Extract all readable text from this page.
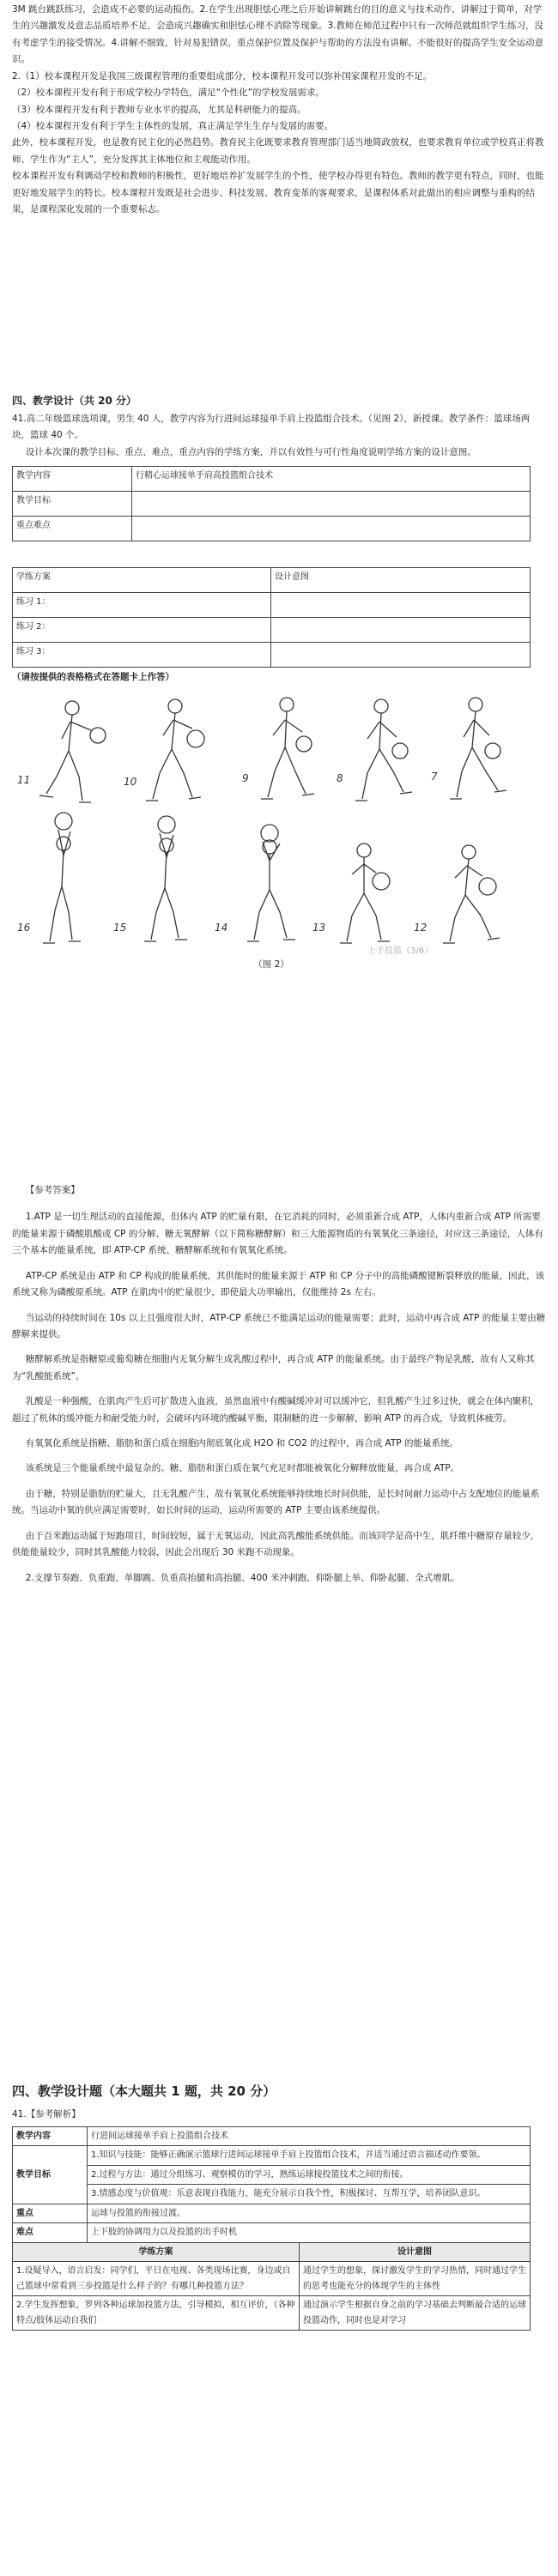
3M 跳台跳跃练习，会造成不必要的运动损伤。2.在学生出现胆怯心理之后开始讲解跳台的目的意义与技术动作，讲解过于简单，对学生的兴趣激发及意志品质培养不足，会造成兴趣确实和胆怯心理不消除等现象。3.教师在师范过程中只有一次师范就组织学生练习，没有考虑学生的接受情况。4.讲解不细致，针对易犯错误，重点保护位置及保护与帮助的方法没有讲解。不能很好的提高学生安全运动意识。

2.（1）校本课程开发是我国三级课程管理的重要组成部分，校本课程开发可以弥补国家课程开发的不足。

（2）校本课程开发有利于形成学校办学特色，满足“个性化”的学校发展需求。

（3）校本课程开发有利于教师专业水平的提高，尤其是科研能力的提高。

（4）校本课程开发有利于学生主体性的发展，真正满足学生生存与发展的需要。

此外，校本课程开发，也是教育民主化的必然趋势。教育民主化既要求教育管理部门适当地简政放权，也要求教育单位或学校真正将教师、学生作为“主人”，充分发挥其主体地位和主观能动作用。

校本课程开发有利调动学校和教师的积极性，更好地培养扩发展学生的个性，使学校办得更有特色。教师的教学更有特点，同时，也能更好地发展学生的特长。校本课程开发既是社会进步、科技发展、教育变革的客观要求，是课程体系对此做出的相应调整与重构的结果，是课程深化发展的一个重要标志。

四、教学设计（共 20 分）

41.高二年级篮球选项课，男生 40 人，教学内容为行进间运球接单手肩上投篮组合技术。（见图 2），新授课。教学条件：篮球场两块，篮球 40 个。

设计本次课的教学目标、重点、难点，重点内容的学练方案，并以有效性与可行性角度说明学练方案的设计意图。

教学内容	行精心运球接单手肩高投篮组合技术
教学目标	
重点难点	
学练方案	设计意图
练习 1：	
练习 2：	
练习 3：	
（请按提供的表格格式在答题卡上作答）
11	10	9	8	7
16	15	14	13	12
上手投篮（3/6）
（图 2）

【参考答案】

1.ATP 是一切生理活动的直接能源，但体内 ATP 的贮量有限，在它消耗的同时，必须重新合成 ATP，人体内重新合成 ATP 所需要的能量来源于磷酸肌酸或 CP 的分解、糖无氧酵解（以下简称糖酵解）和三大能源物质的有氧氧化三条途径，对应这三条途径，人体有三个基本的能量系统，即 ATP-CP 系统、糖酵解系统和有氧氧化系统。

ATP-CP 系统是由 ATP 和 CP 构成的能量系统，其供能时的能量来源于 ATP 和 CP 分子中的高能磷酸键断裂释放的能量，因此，该系统又称为磷酸原系统。ATP 在肌肉中的贮量很少，即使最大功率输出，仅能维持 2s 左右。

当运动的持续时间在 10s 以上且强度很大时，ATP-CP 系统已不能满足运动的能量需要；此时，运动中再合成 ATP 的能量主要由糖酵解来提供。

糖酵解系统是指糖原或葡萄糖在细胞内无氧分解生成乳酸过程中，再合成 ATP 的能量系统。由于最终产物是乳酸，故有人又称其为“乳酸能系统”。

乳酸是一种强酸，在肌肉产生后可扩散进入血液，虽然血液中有酸碱缓冲对可以缓冲它，但乳酸产生过多过快，就会在体内聚积，超过了机体的缓冲能力和耐受能力时，会破坏内环境的酸碱平衡，限制糖的进一步解解，影响 ATP 的再合成，导致机体疲劳。

有氧氧化系统是指糖、脂肪和蛋白质在细胞内彻底氧化成 H2O 和 CO2 的过程中，再合成 ATP 的能量系统。

该系统是三个能量系统中最复杂的。糖、脂肪和蛋白质在氧气充足时都能被氧化分解释放能量，再合成 ATP。

由于糖，特别是脂肪的贮量大，且无乳酸产生，故有氧氧化系统能够持续地长时间供能，是长时间耐力运动中占支配地位的能量系统。当运动中氧的供应满足需要时，如长时间的运动，运动所需要的 ATP 主要由该系统提供。

由于百米跑运动属于短跑项目，时间较短，属于无氧运动，因此高乳酸能系统供能。而该同学是高中生，肌纤维中糖原存量较少，供能能量较少，同时其乳酸能力较弱，因此会出现后 30 米跑不动现象。

2.支撑节奏跑、负重跑、单脚跳、负重高抬腿和高抬腿、400 米冲刺跑、仰卧腿上举、仰卧起腿、全式增肌。

四、教学设计题（本大题共 1 题，共 20 分）

41.【参考解析】

教学内容	行进间运球接单手肩上投篮组合技术	
教学目标	1.知识与技能：能够正确演示篮球行进间运球接单手肩上投篮组合技术，并适当通过语言描述动作要领。	
	2.过程与方法：通过分组练习、观察模仿的学习，熟练运球接投篮技术之间的衔接。	
	3.情感态度与价值观：乐意表现自我能力，能充分展示自我个性，积极探讨、互帮互学，培养团队意识。	
重点	运球与投篮的衔接过渡。	
难点	上下肢的协调用力以及投篮的出手时机	
学练方案		设计意图
1.设疑导入，语言启发：同学们，平日在电视、各类现场比赛，身边或自己篮球中常看到三步投篮是什么样子的？有哪几种投篮方法？		通过学生的想象，探讨激发学生的学习热情，同时通过学生的思考也能充分的体现学生的主体性
2.学生发挥想象，罗列各种运球加投篮方法，引导模拟，相互评价，（各种特点/肢体运动自我们		通过演示学生根据自身之前的学习基础去判断最合适的运球投篮动作，同时也是对学习
